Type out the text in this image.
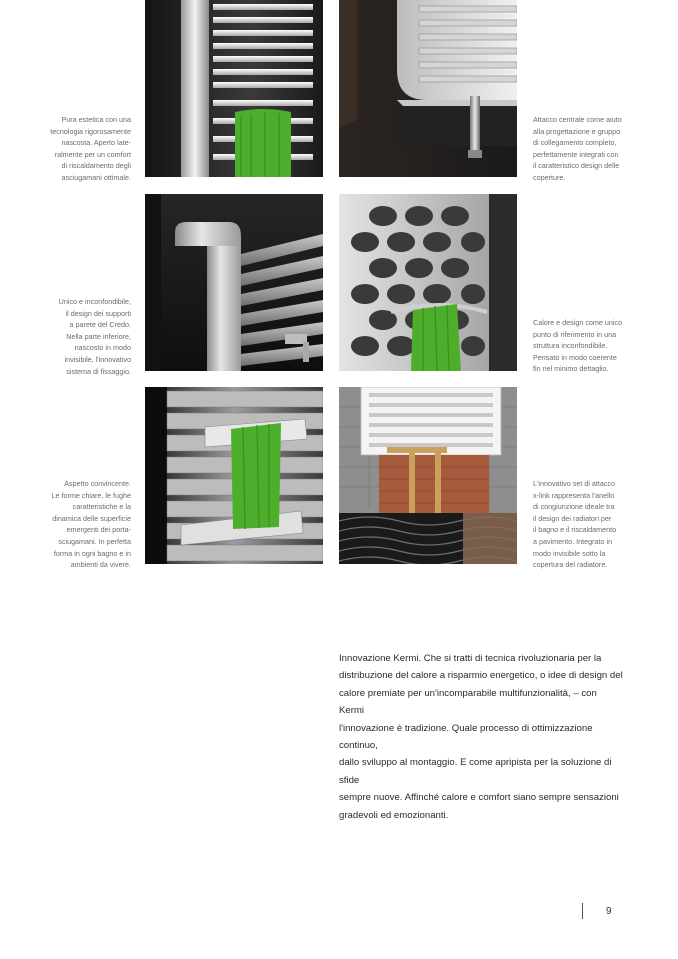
Pura estetica con una
tecnologia rigorosamente
nascosta. Aperto late-
ralmente per un comfort
di riscaldamento degli
asciugamani ottimale.
Attacco centrale come aiuto
alla progettazione e gruppo
di collegamento completo,
perfettamente integrati con
il caratteristico design delle
coperture.
Unico e inconfondibile,
il design dei supporti
a parete del Credo.
Nella parte inferiore,
nascosto in modo
invisibile, l'innovativo
sistema di fissaggio.
Calore e design come unico
punto di riferimento in una
struttura inconfondibile.
Pensato in modo coerente
fin nel minimo dettaglio.
Aspetto convincente.
Le forme chiare, le fughe
caratteristiche e la
dinamica delle superficie
emergenti dei porta-
sciugamani. In perfetta
forma in ogni bagno e in
ambienti da vivere.
L'innovativo set di attacco
x-link rappresenta l'anello
di congiunzione ideale tra
il design dei radiatori per
il bagno e il riscaldamento
a pavimento. Integrato in
modo invisibile sotto la
copertura del radiatore.
Innovazione Kermi. Che si tratti di tecnica rivoluzionaria per la
distribuzione del calore a risparmio energetico, o idee di design del
calore premiate per un'incomparabile multifunzionalità, – con Kermi
l'innovazione è tradizione. Quale processo di ottimizzazione continuo,
dallo sviluppo al montaggio. E come apripista per la soluzione di sfide
sempre nuove. Affinché calore e comfort siano sempre sensazioni
gradevoli ed emozionanti.
9
